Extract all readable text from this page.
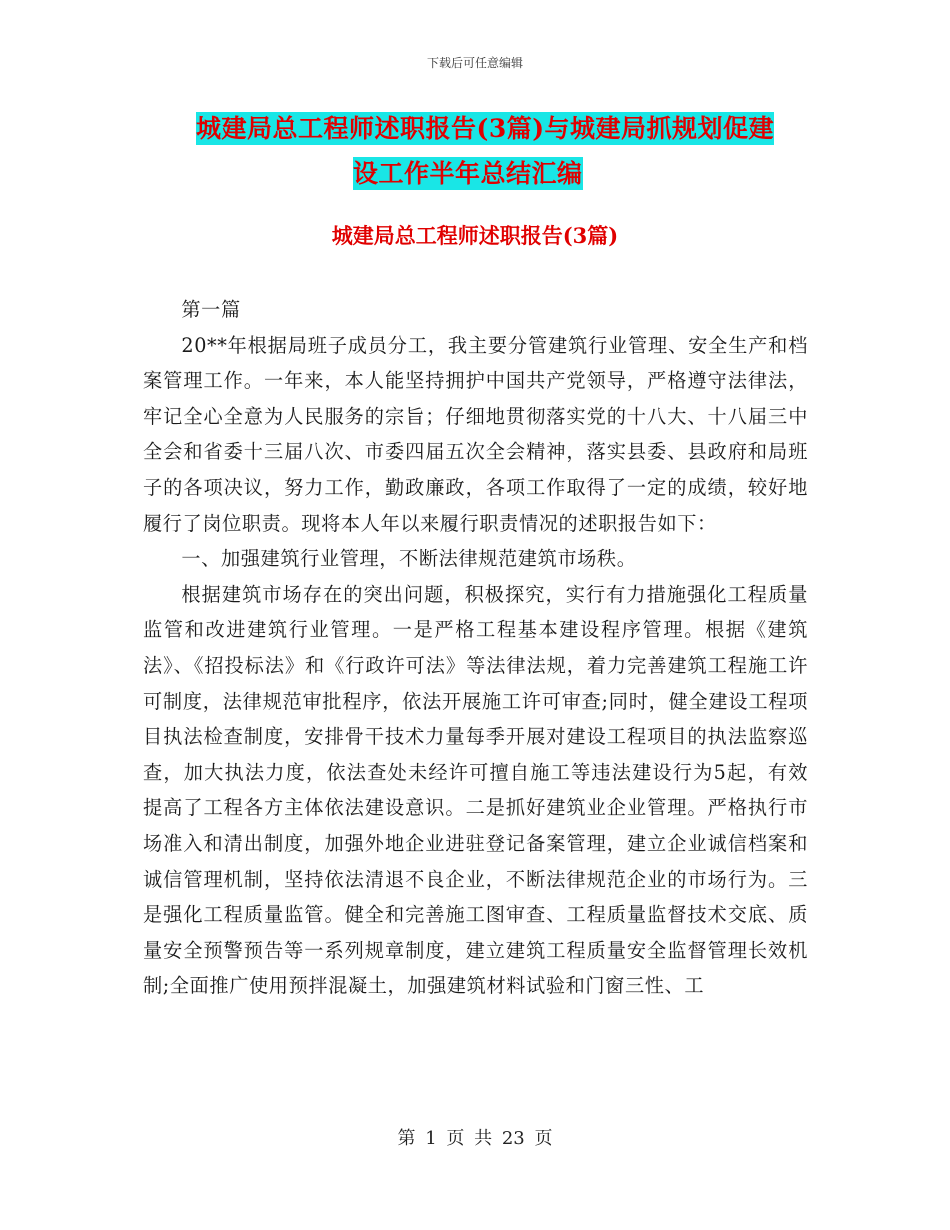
下载后可任意编辑
城建局总工程师述职报告(3篇)与城建局抓规划促建
设工作半年总结汇编
城建局总工程师述职报告(3篇)

第一篇

20**年根据局班子成员分工，我主要分管建筑行业管理、安全生产和档案管理工作。一年来，本人能坚持拥护中国共产党领导，严格遵守法律法，牢记全心全意为人民服务的宗旨；仔细地贯彻落实党的十八大、十八届三中全会和省委十三届八次、市委四届五次全会精神，落实县委、县政府和局班子的各项决议，努力工作，勤政廉政，各项工作取得了一定的成绩，较好地履行了岗位职责。现将本人年以来履行职责情况的述职报告如下：

一、加强建筑行业管理，不断法律规范建筑市场秩。

根据建筑市场存在的突出问题，积极探究，实行有力措施强化工程质量监管和改进建筑行业管理。一是严格工程基本建设程序管理。根据《建筑法》、《招投标法》和《行政许可法》等法律法规，着力完善建筑工程施工许可制度，法律规范审批程序，依法开展施工许可审查;同时，健全建设工程项目执法检查制度，安排骨干技术力量每季开展对建设工程项目的执法监察巡查，加大执法力度，依法查处未经许可擅自施工等违法建设行为5起，有效提高了工程各方主体依法建设意识。二是抓好建筑业企业管理。严格执行市场准入和清出制度，加强外地企业进驻登记备案管理，建立企业诚信档案和诚信管理机制，坚持依法清退不良企业，不断法律规范企业的市场行为。三是强化工程质量监管。健全和完善施工图审查、工程质量监督技术交底、质量安全预警预告等一系列规章制度，建立建筑工程质量安全监督管理长效机制;全面推广使用预拌混凝土，加强建筑材料试验和门窗三性、工

第 1 页 共 23 页
